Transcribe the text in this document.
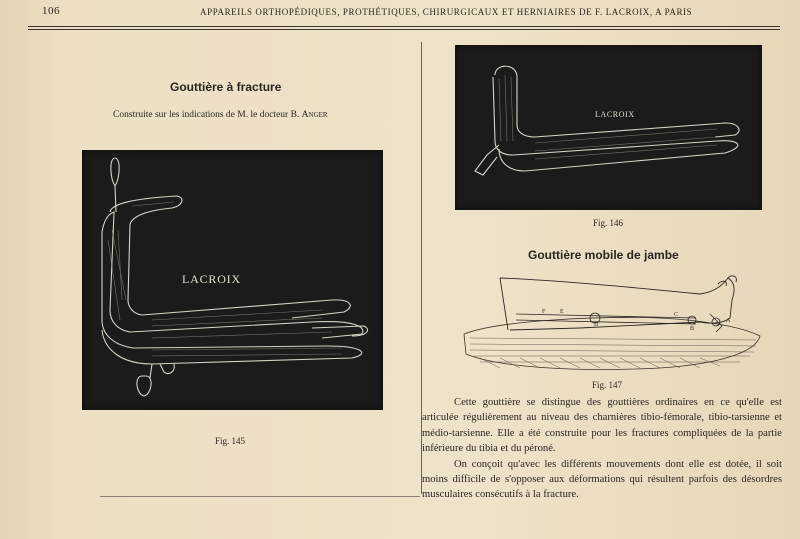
106	APPAREILS ORTHOPÉDIQUES, PROTHÉTIQUES, CHIRURGICAUX ET HERNIAIRES DE F. LACROIX, A PARIS
Gouttière à fracture
Construite sur les indications de M. le docteur B. Anger
LACROIX
Fig. 145
LACROIX
Fig. 146
Gouttière mobile de jambe
F E
D
C
B
A
Fig. 147

Cette gouttière se distingue des gouttières ordinaires en ce qu'elle est articulée régulièrement au niveau des charnières tibio-fémorale, tibio-tarsienne et médio-tarsienne. Elle a été construite pour les fractures compliquées de la partie inférieure du tibia et du péroné.

On conçoit qu'avec les différents mouvements dont elle est dotée, il soit moins difficile de s'opposer aux déformations qui résultent parfois des désordres musculaires consécutifs à la fracture.
